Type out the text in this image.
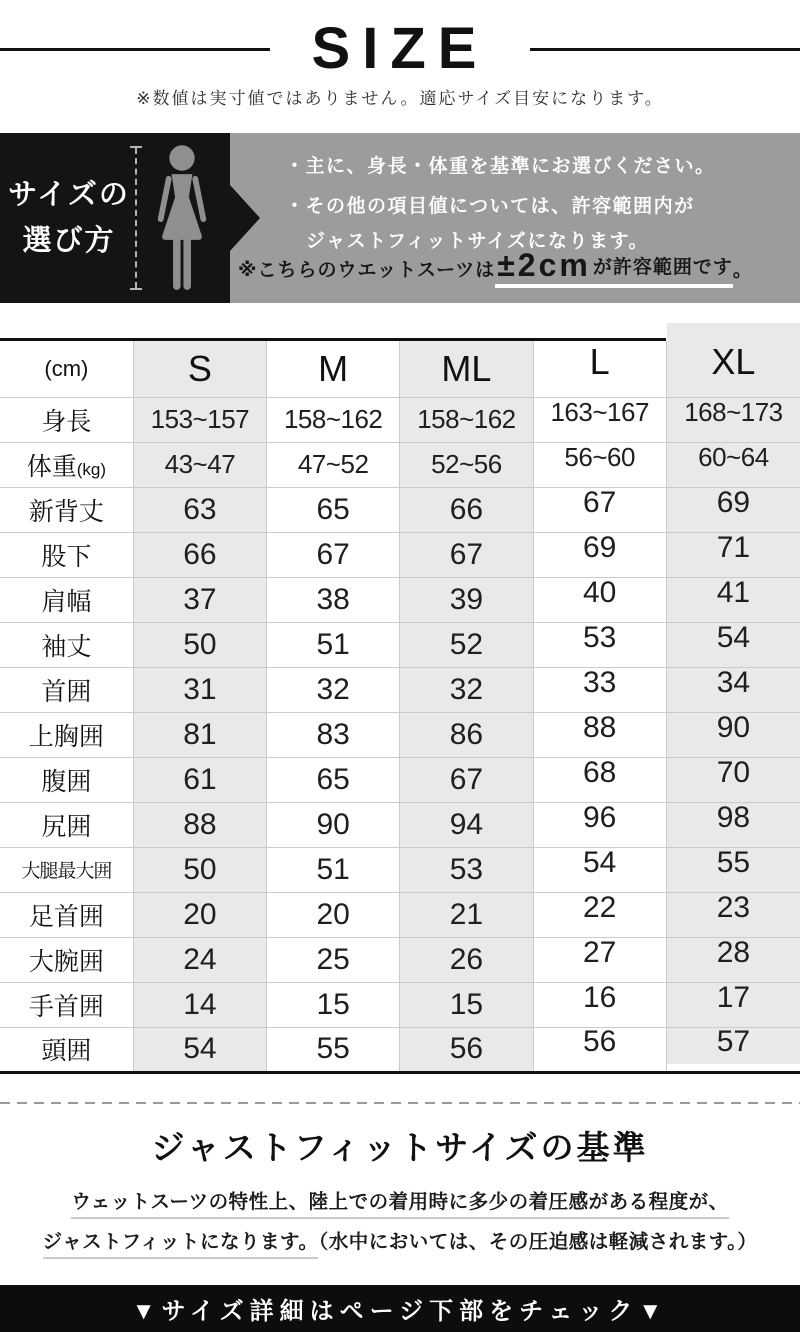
SIZE
※数値は実寸値ではありません。適応サイズ目安になります。
サイズの
選び方
・主に、身長・体重を基準にお選びください。
・その他の項目値については、許容範囲内が
ジャストフィットサイズになります。
※こちらのウエットスーツは ±2cm が許容範囲です 。
(cm)	S	M	ML	L	XL
身長	153~157	158~162	158~162	163~167	168~173
体重(kg)	43~47	47~52	52~56	56~60	60~64
新背丈	63	65	66	67	69
股下	66	67	67	69	71
肩幅	37	38	39	40	41
袖丈	50	51	52	53	54
首囲	31	32	32	33	34
上胸囲	81	83	86	88	90
腹囲	61	65	67	68	70
尻囲	88	90	94	96	98
大腿最大囲	50	51	53	54	55
足首囲	20	20	21	22	23
大腕囲	24	25	26	27	28
手首囲	14	15	15	16	17
頭囲	54	55	56	56	57
ジャストフィットサイズの基準
ウェットスーツの特性上、陸上での着用時に多少の着圧感がある程度が、
ジャストフィットになります。（水中においては、その圧迫感は軽減されます。）
▼サイズ詳細はページ下部をチェック▼
